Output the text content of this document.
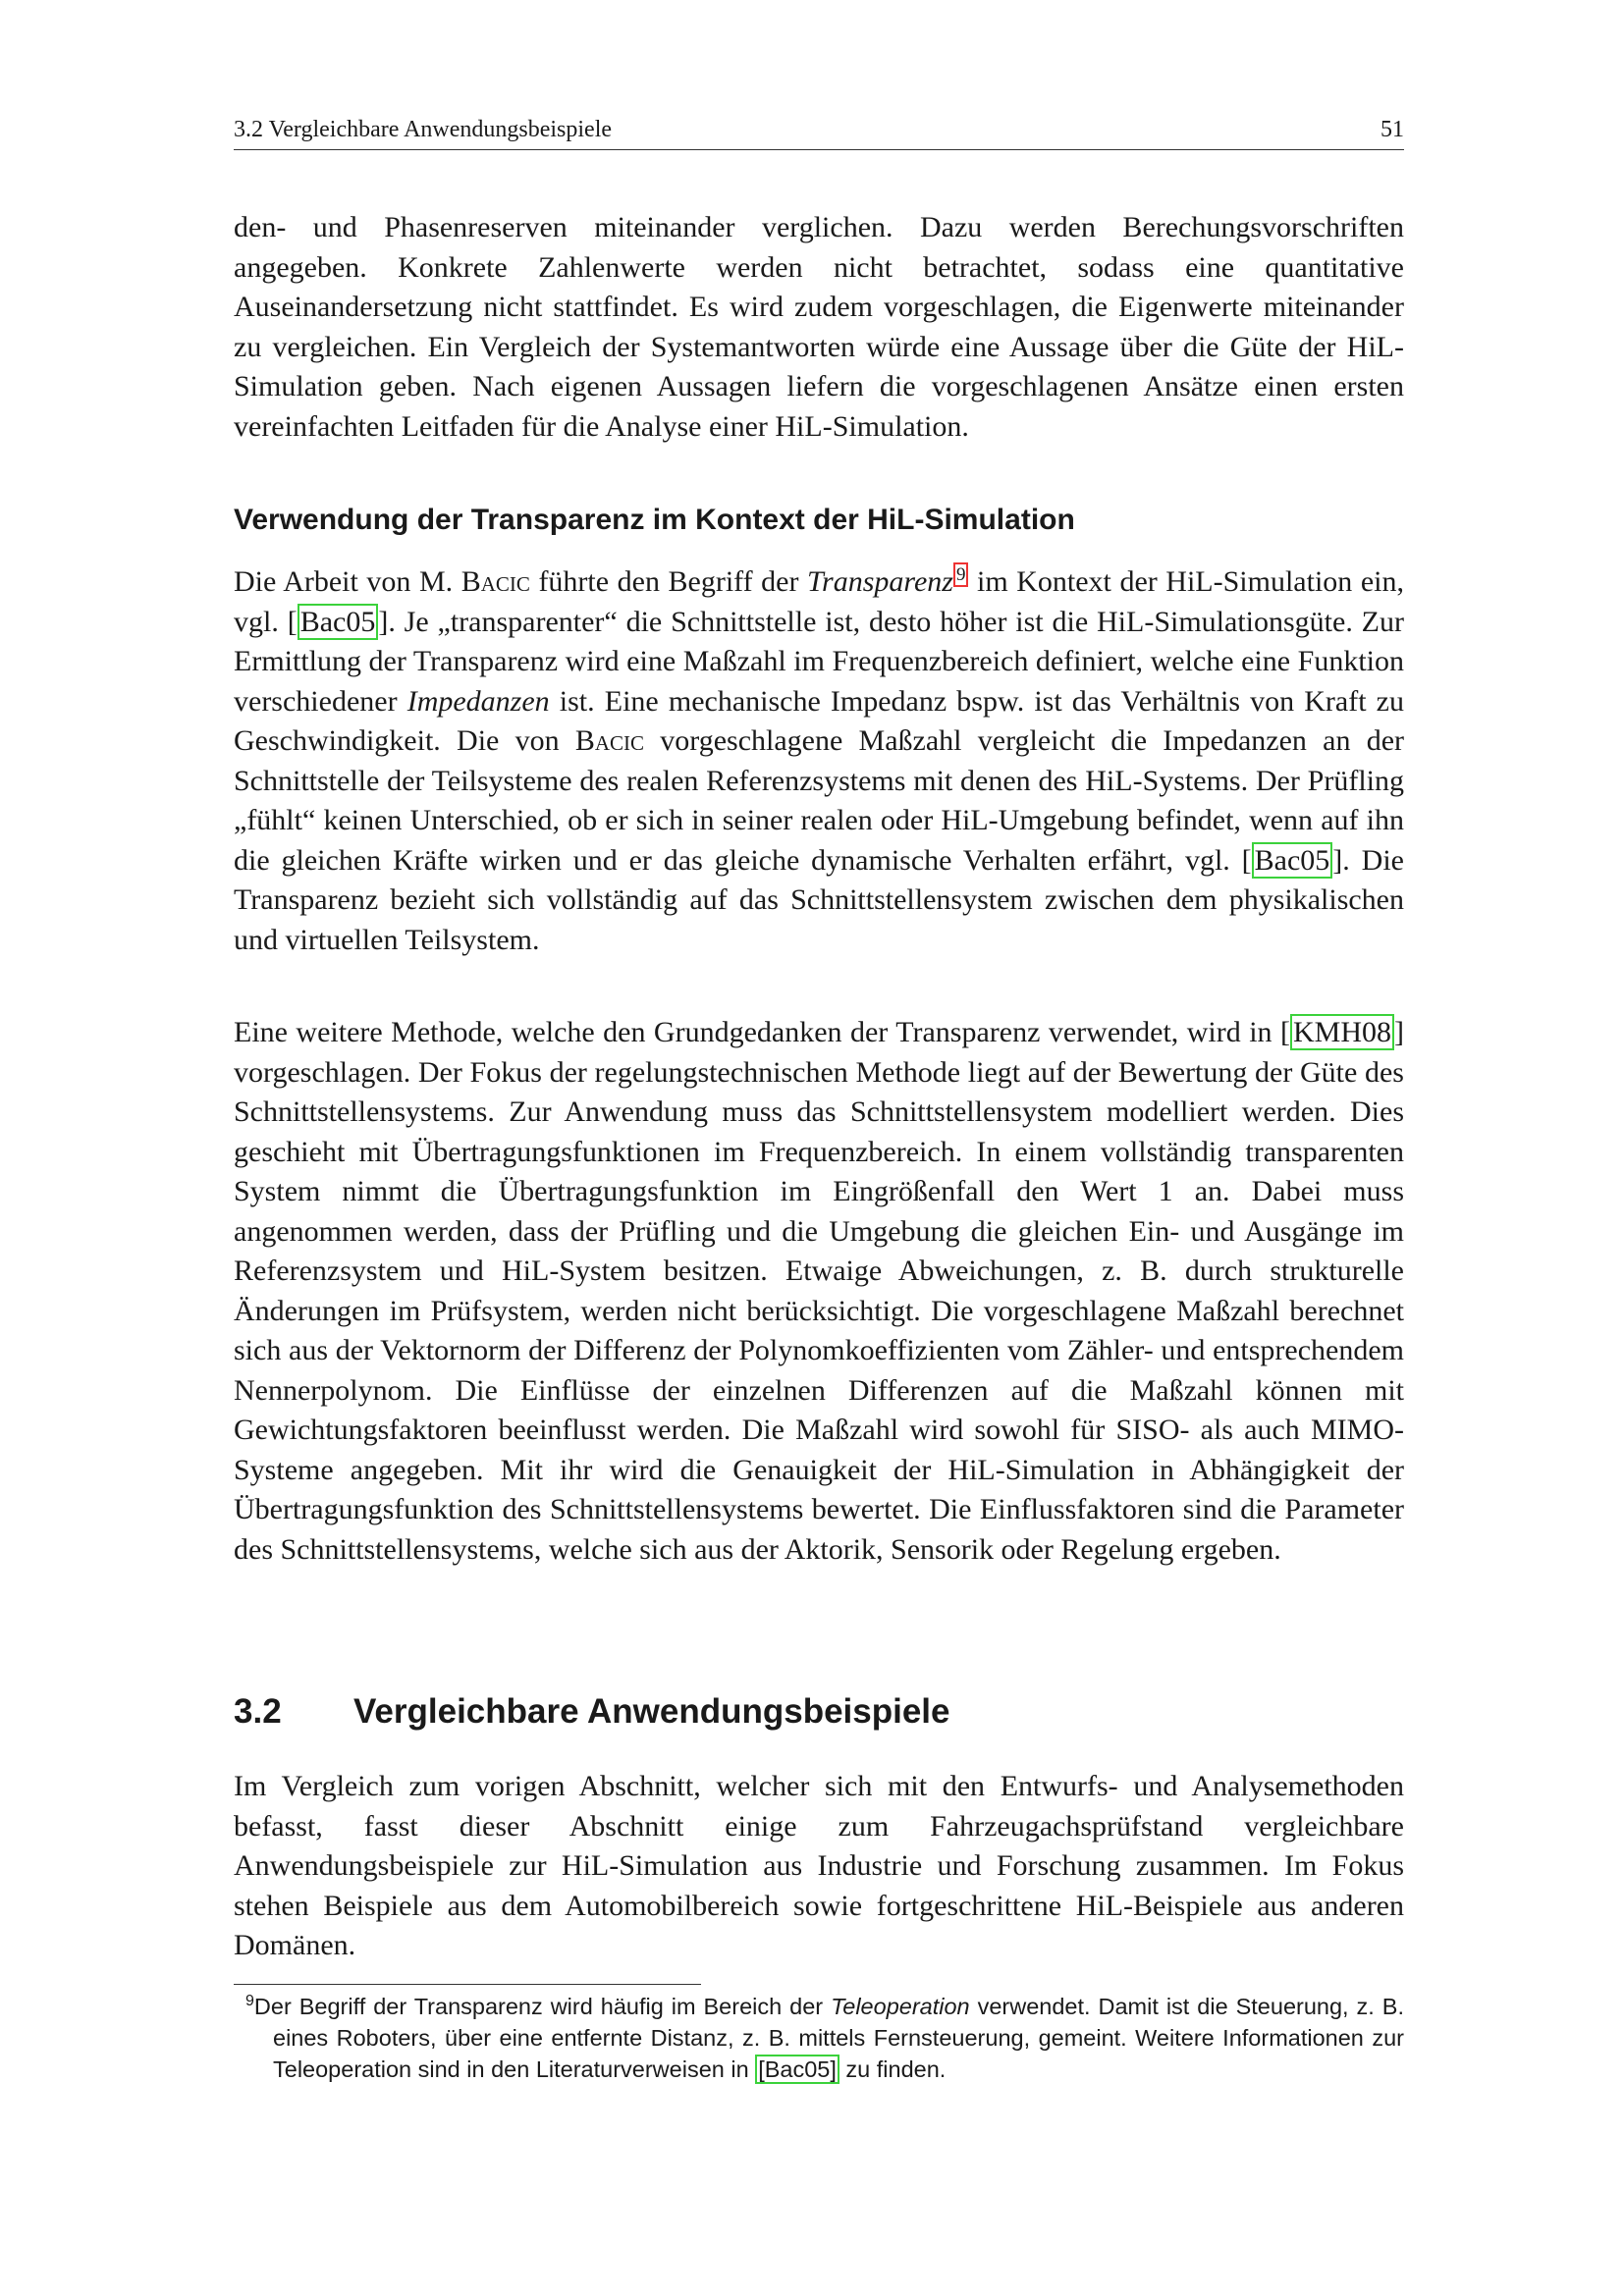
3.2 Vergleichbare Anwendungsbeispiele	51

den- und Phasenreserven miteinander verglichen. Dazu werden Berechungsvorschriften angegeben. Konkrete Zahlenwerte werden nicht betrachtet, sodass eine quantitative Auseinandersetzung nicht stattfindet. Es wird zudem vorgeschlagen, die Eigenwerte miteinander zu vergleichen. Ein Vergleich der Systemantworten würde eine Aussage über die Güte der HiL-Simulation geben. Nach eigenen Aussagen liefern die vorgeschlagenen Ansätze einen ersten vereinfachten Leitfaden für die Analyse einer HiL-Simulation.

Verwendung der Transparenz im Kontext der HiL-Simulation

Die Arbeit von M. Bacic führte den Begriff der Transparenz $^9$ im Kontext der HiL-Simulation ein, vgl. [ Bac05 ]. Je „transparenter“ die Schnittstelle ist, desto höher ist die HiL-Simulationsgüte. Zur Ermittlung der Transparenz wird eine Maßzahl im Frequenzbereich definiert, welche eine Funktion verschiedener Impedanzen ist. Eine mechanische Impedanz bspw. ist das Verhältnis von Kraft zu Geschwindigkeit. Die von Bacic vorgeschlagene Maßzahl vergleicht die Impedanzen an der Schnittstelle der Teilsysteme des realen Referenzsystems mit denen des HiL-Systems. Der Prüfling „fühlt“ keinen Unterschied, ob er sich in seiner realen oder HiL-Umgebung befindet, wenn auf ihn die gleichen Kräfte wirken und er das gleiche dynamische Verhalten erfährt, vgl. [ Bac05 ]. Die Transparenz bezieht sich vollständig auf das Schnittstellensystem zwischen dem physikalischen und virtuellen Teilsystem.

Eine weitere Methode, welche den Grundgedanken der Transparenz verwendet, wird in [ KMH08 ] vorgeschlagen. Der Fokus der regelungstechnischen Methode liegt auf der Bewertung der Güte des Schnittstellensystems. Zur Anwendung muss das Schnittstellensystem modelliert werden. Dies geschieht mit Übertragungsfunktionen im Frequenzbereich. In einem vollständig transparenten System nimmt die Übertragungsfunktion im Eingrößenfall den Wert 1 an. Dabei muss angenommen werden, dass der Prüfling und die Umgebung die gleichen Ein- und Ausgänge im Referenzsystem und HiL-System besitzen. Etwaige Abweichungen, z. B. durch strukturelle Änderungen im Prüfsystem, werden nicht berücksichtigt. Die vorgeschlagene Maßzahl berechnet sich aus der Vektornorm der Differenz der Polynomkoeffizienten vom Zähler- und entsprechendem Nennerpolynom. Die Einflüsse der einzelnen Differenzen auf die Maßzahl können mit Gewichtungsfaktoren beeinflusst werden. Die Maßzahl wird sowohl für SISO- als auch MIMO-Systeme angegeben. Mit ihr wird die Genauigkeit der HiL-Simulation in Abhängigkeit der Übertragungsfunktion des Schnittstellensystems bewertet. Die Einflussfaktoren sind die Parameter des Schnittstellensystems, welche sich aus der Aktorik, Sensorik oder Regelung ergeben.

3.2 Vergleichbare Anwendungsbeispiele

Im Vergleich zum vorigen Abschnitt, welcher sich mit den Entwurfs- und Analysemethoden befasst, fasst dieser Abschnitt einige zum Fahrzeugachsprüfstand vergleichbare Anwendungsbeispiele zur HiL-Simulation aus Industrie und Forschung zusammen. Im Fokus stehen Beispiele aus dem Automobilbereich sowie fortgeschrittene HiL-Beispiele aus anderen Domänen.

$^9$Der Begriff der Transparenz wird häufig im Bereich der Teleoperation verwendet. Damit ist die Steuerung, z. B. eines Roboters, über eine entfernte Distanz, z. B. mittels Fernsteuerung, gemeint. Weitere Informationen zur Teleoperation sind in den Literaturverweisen in [Bac05] zu finden.
